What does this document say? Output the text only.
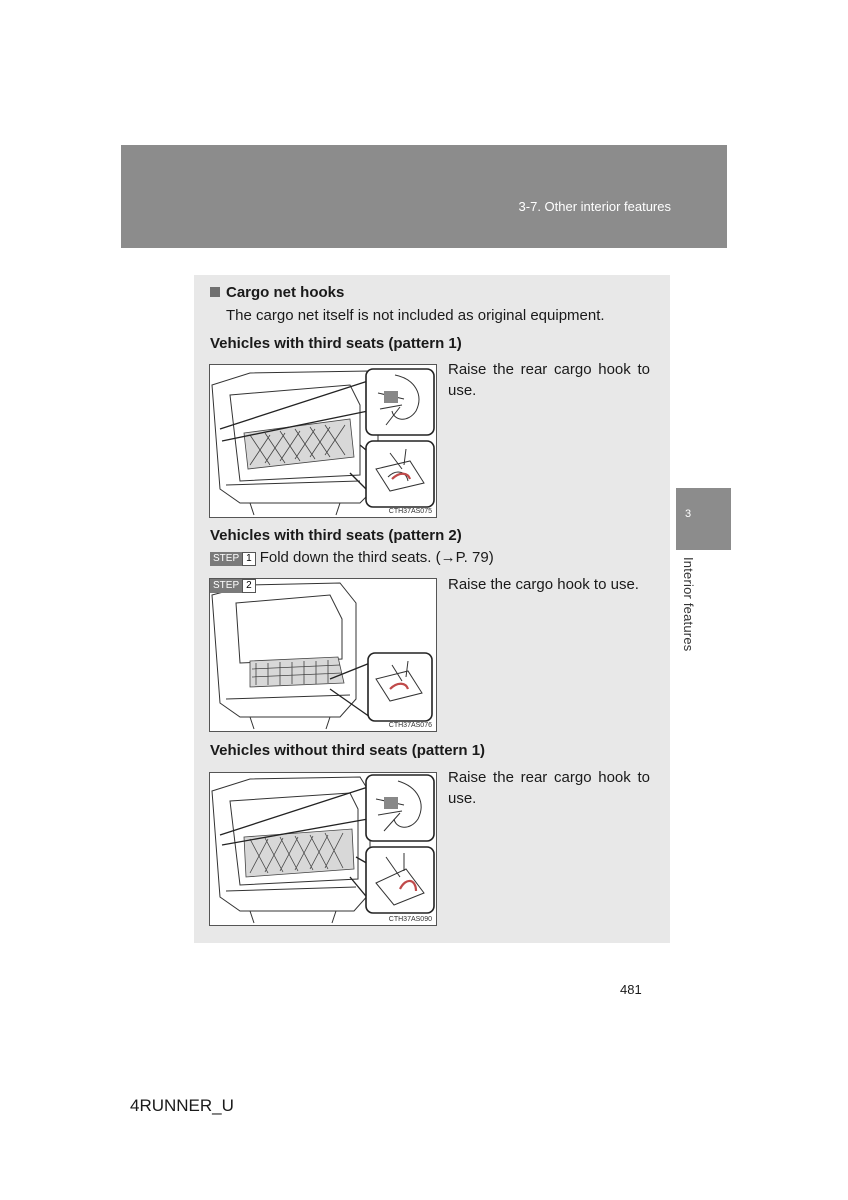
3-7. Other interior features
3
Interior features
Cargo net hooks
The cargo net itself is not included as original equipment.
Vehicles with third seats (pattern 1)
CTH37AS075
Raise the rear cargo hook to use.
Vehicles with third seats (pattern 2)
STEP 1 Fold down the third seats. (→P. 79)
STEP 2
CTH37AS076
Raise the cargo hook to use.
Vehicles without third seats (pattern 1)
CTH37AS090
Raise the rear cargo hook to use.
481
4RUNNER_U
